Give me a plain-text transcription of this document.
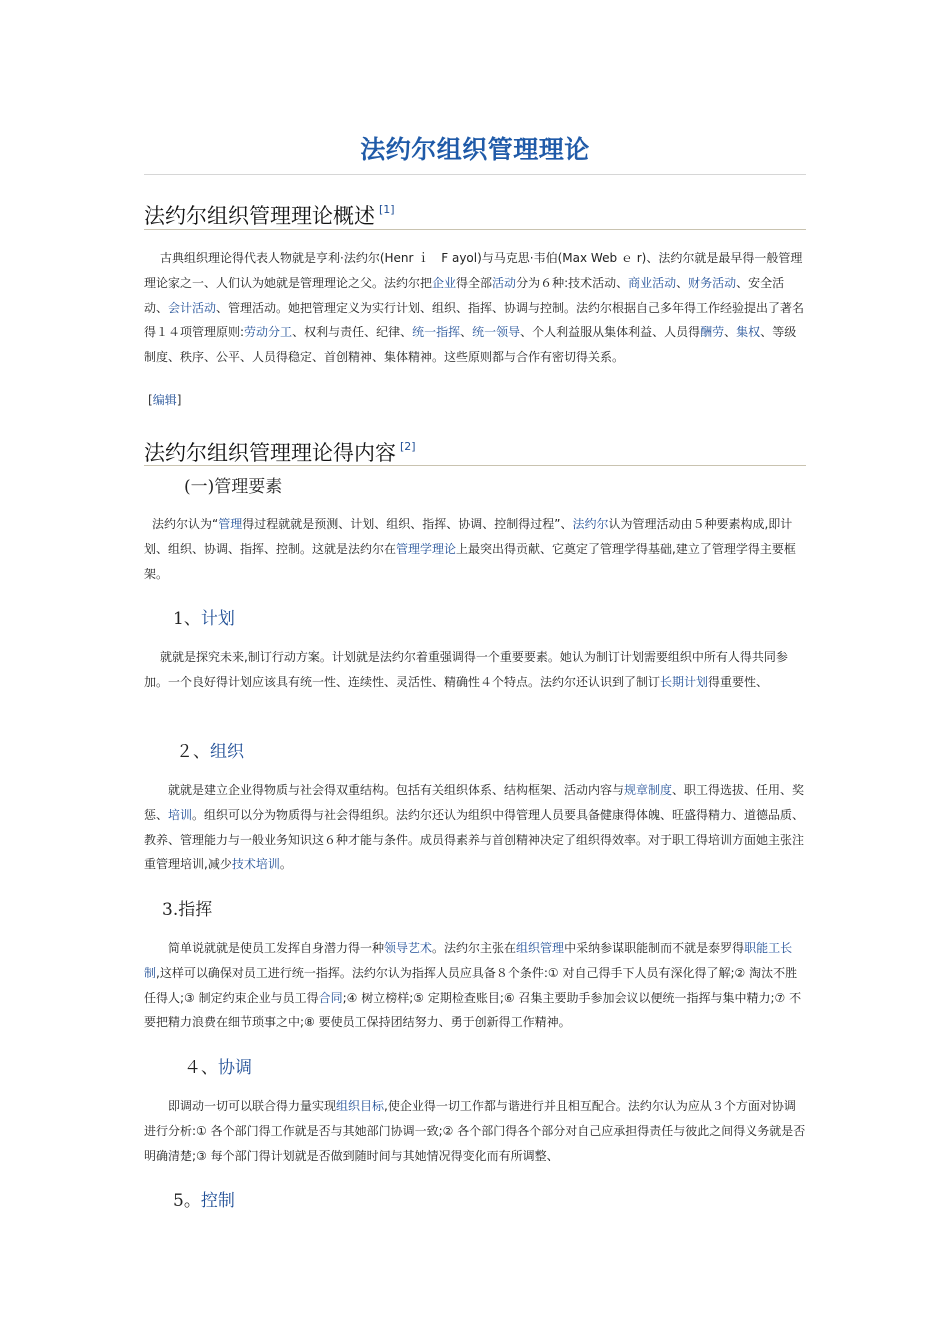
法约尔组织管理理论
法约尔组织管理理论概述 [1]
古典组织理论得代表人物就是亨利·法约尔(Henr ｉ　F ayol)与马克思·韦伯(Max Web ｅ r)、法约尔就是最早得一般管理理论家之一、人们认为她就是管理理论之父。法约尔把企业得全部活动分为６种:技术活动、商业活动、财务活动、安全活动、会计活动、管理活动。她把管理定义为实行计划、组织、指挥、协调与控制。法约尔根据自己多年得工作经验提出了著名得１４项管理原则:劳动分工、权利与责任、纪律、统一指挥、统一领导、个人利益服从集体利益、人员得酬劳、集权、等级制度、秩序、公平、人员得稳定、首创精神、集体精神。这些原则都与合作有密切得关系。
[编辑]
法约尔组织管理理论得内容 [2]
(一)管理要素
法约尔认为“管理得过程就就是预测、计划、组织、指挥、协调、控制得过程”、法约尔认为管理活动由５种要素构成,即计划、组织、协调、指挥、控制。这就是法约尔在管理学理论上最突出得贡献、它奠定了管理学得基础,建立了管理学得主要框架。
1、计划
就就是探究未来,制订行动方案。计划就是法约尔着重强调得一个重要要素。她认为制订计划需要组织中所有人得共同参加。一个良好得计划应该具有统一性、连续性、灵活性、精确性４个特点。法约尔还认识到了制订长期计划得重要性、
２、组织
就就是建立企业得物质与社会得双重结构。包括有关组织体系、结构框架、活动内容与规章制度、职工得选拔、任用、奖惩、培训。组织可以分为物质得与社会得组织。法约尔还认为组织中得管理人员要具备健康得体魄、旺盛得精力、道德品质、教养、管理能力与一般业务知识这６种才能与条件。成员得素养与首创精神决定了组织得效率。对于职工得培训方面她主张注重管理培训,减少技术培训。
3.指挥
简单说就就是使员工发挥自身潜力得一种领导艺术。法约尔主张在组织管理中采纳参谋职能制而不就是泰罗得职能工长制,这样可以确保对员工进行统一指挥。法约尔认为指挥人员应具备８个条件:① 对自己得手下人员有深化得了解;② 淘汰不胜任得人;③ 制定约束企业与员工得合同;④ 树立榜样;⑤ 定期检查账目;⑥ 召集主要助手参加会议以便统一指挥与集中精力;⑦ 不要把精力浪费在细节琐事之中;⑧ 要使员工保持团结努力、勇于创新得工作精神。
４、协调
即调动一切可以联合得力量实现组织目标,使企业得一切工作都与谐进行并且相互配合。法约尔认为应从３个方面对协调进行分析:① 各个部门得工作就是否与其她部门协调一致;② 各个部门得各个部分对自己应承担得责任与彼此之间得义务就是否明确清楚;③ 每个部门得计划就是否做到随时间与其她情况得变化而有所调整、
5。控制
